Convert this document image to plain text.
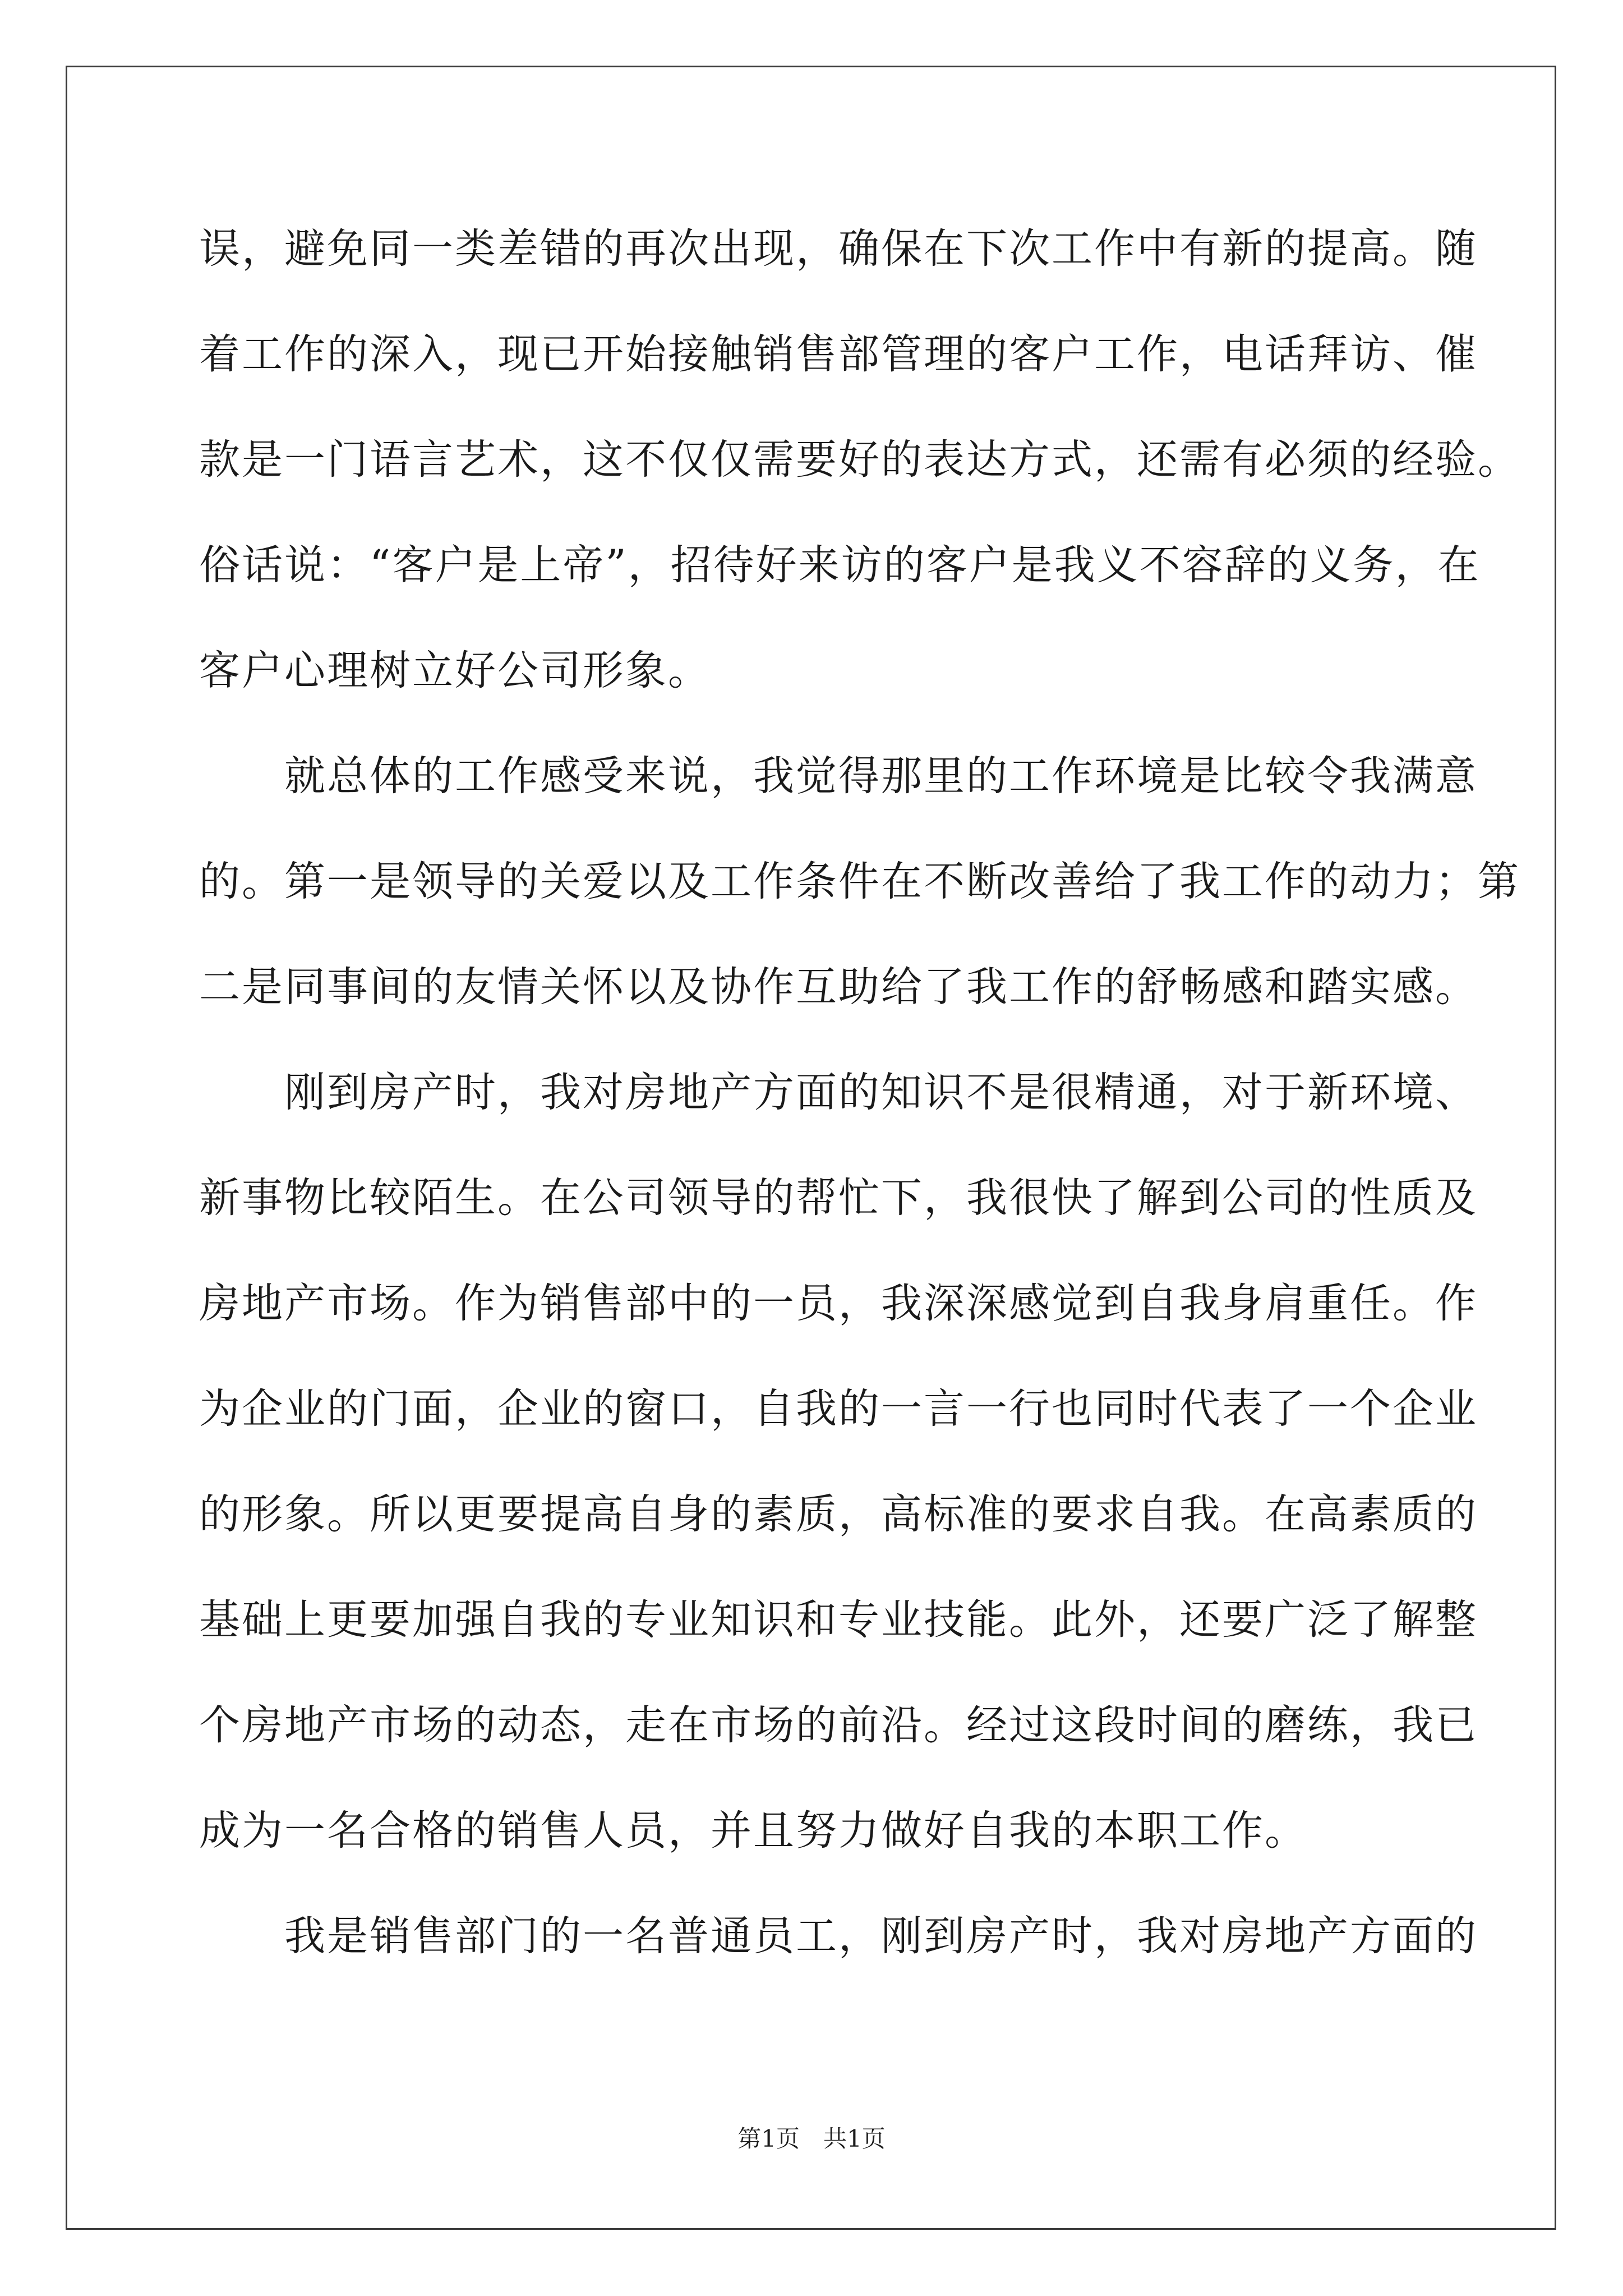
误，避免同一类差错的再次出现，确保在下次工作中有新的提高。随
着工作的深入，现已开始接触销售部管理的客户工作，电话拜访、催
款是一门语言艺术，这不仅仅需要好的表达方式，还需有必须的经验。
俗话说：“客户是上帝”，招待好来访的客户是我义不容辞的义务，在
客户心理树立好公司形象。
　　就总体的工作感受来说，我觉得那里的工作环境是比较令我满意
的。第一是领导的关爱以及工作条件在不断改善给了我工作的动力；第
二是同事间的友情关怀以及协作互助给了我工作的舒畅感和踏实感。
　　刚到房产时，我对房地产方面的知识不是很精通，对于新环境、
新事物比较陌生。在公司领导的帮忙下，我很快了解到公司的性质及
房地产市场。作为销售部中的一员，我深深感觉到自我身肩重任。作
为企业的门面，企业的窗口，自我的一言一行也同时代表了一个企业
的形象。所以更要提高自身的素质，高标准的要求自我。在高素质的
基础上更要加强自我的专业知识和专业技能。此外，还要广泛了解整
个房地产市场的动态，走在市场的前沿。经过这段时间的磨练，我已
成为一名合格的销售人员，并且努力做好自我的本职工作。
　　我是销售部门的一名普通员工，刚到房产时，我对房地产方面的
第1页　共1页
